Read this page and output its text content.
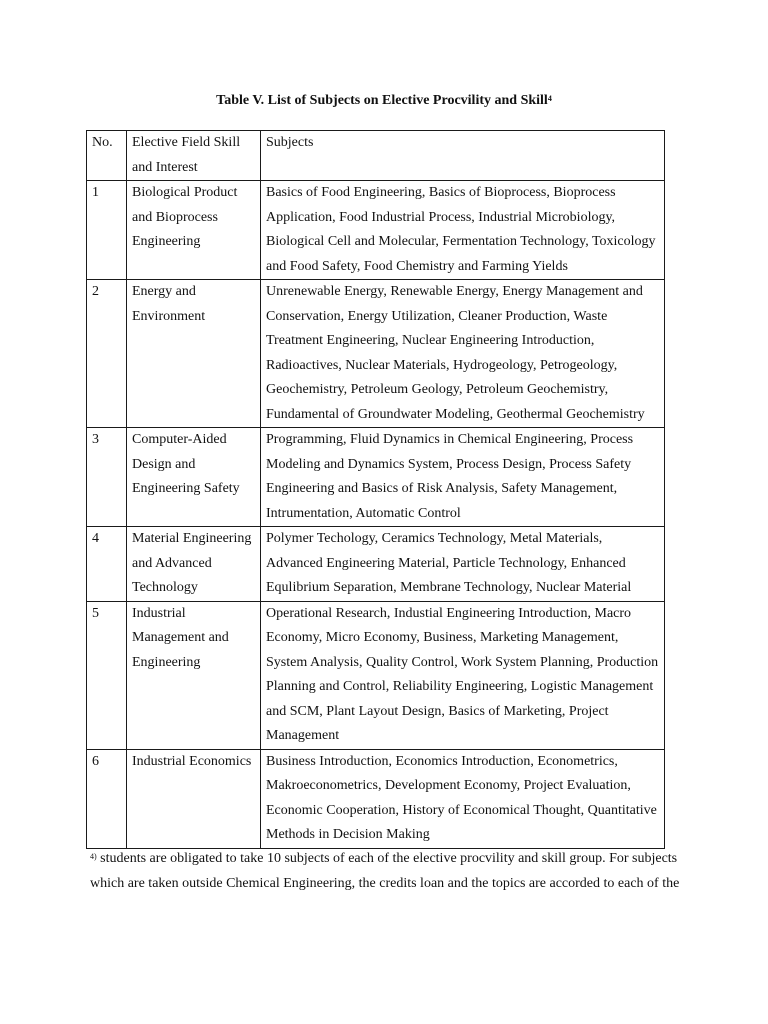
Table V. List of Subjects on Elective Procvility and Skill$^4$
No.	Elective Field Skill and Interest	Subjects
1	Biological Product and Bioprocess Engineering	Basics of Food Engineering, Basics of Bioprocess, Bioprocess Application, Food Industrial Process, Industrial Microbiology, Biological Cell and Molecular, Fermentation Technology, Toxicology and Food Safety, Food Chemistry and Farming Yields
2	Energy and Environment	Unrenewable Energy, Renewable Energy, Energy Management and Conservation, Energy Utilization, Cleaner Production, Waste Treatment Engineering, Nuclear Engineering Introduction, Radioactives, Nuclear Materials, Hydrogeology, Petrogeology, Geochemistry, Petroleum Geology, Petroleum Geochemistry, Fundamental of Groundwater Modeling, Geothermal Geochemistry
3	Computer-Aided Design and Engineering Safety	Programming, Fluid Dynamics in Chemical Engineering, Process Modeling and Dynamics System, Process Design, Process Safety Engineering and Basics of Risk Analysis, Safety Management, Intrumentation, Automatic Control
4	Material Engineering and Advanced Technology	Polymer Techology, Ceramics Technology, Metal Materials, Advanced Engineering Material, Particle Technology, Enhanced Equlibrium Separation, Membrane Technology, Nuclear Material
5	Industrial Management and Engineering	Operational Research, Industial Engineering Introduction, Macro Economy, Micro Economy, Business, Marketing Management, System Analysis, Quality Control, Work System Planning, Production Planning and Control, Reliability Engineering, Logistic Management and SCM, Plant Layout Design, Basics of Marketing, Project Management
6	Industrial Economics	Business Introduction, Economics Introduction, Econometrics, Makroeconometrics, Development Economy, Project Evaluation, Economic Cooperation, History of Economical Thought, Quantitative Methods in Decision Making
$^{4)}$ students are obligated to take 10 subjects of each of the elective procvility and skill group. For subjects which are taken outside Chemical Engineering, the credits loan and the topics are accorded to each of the
